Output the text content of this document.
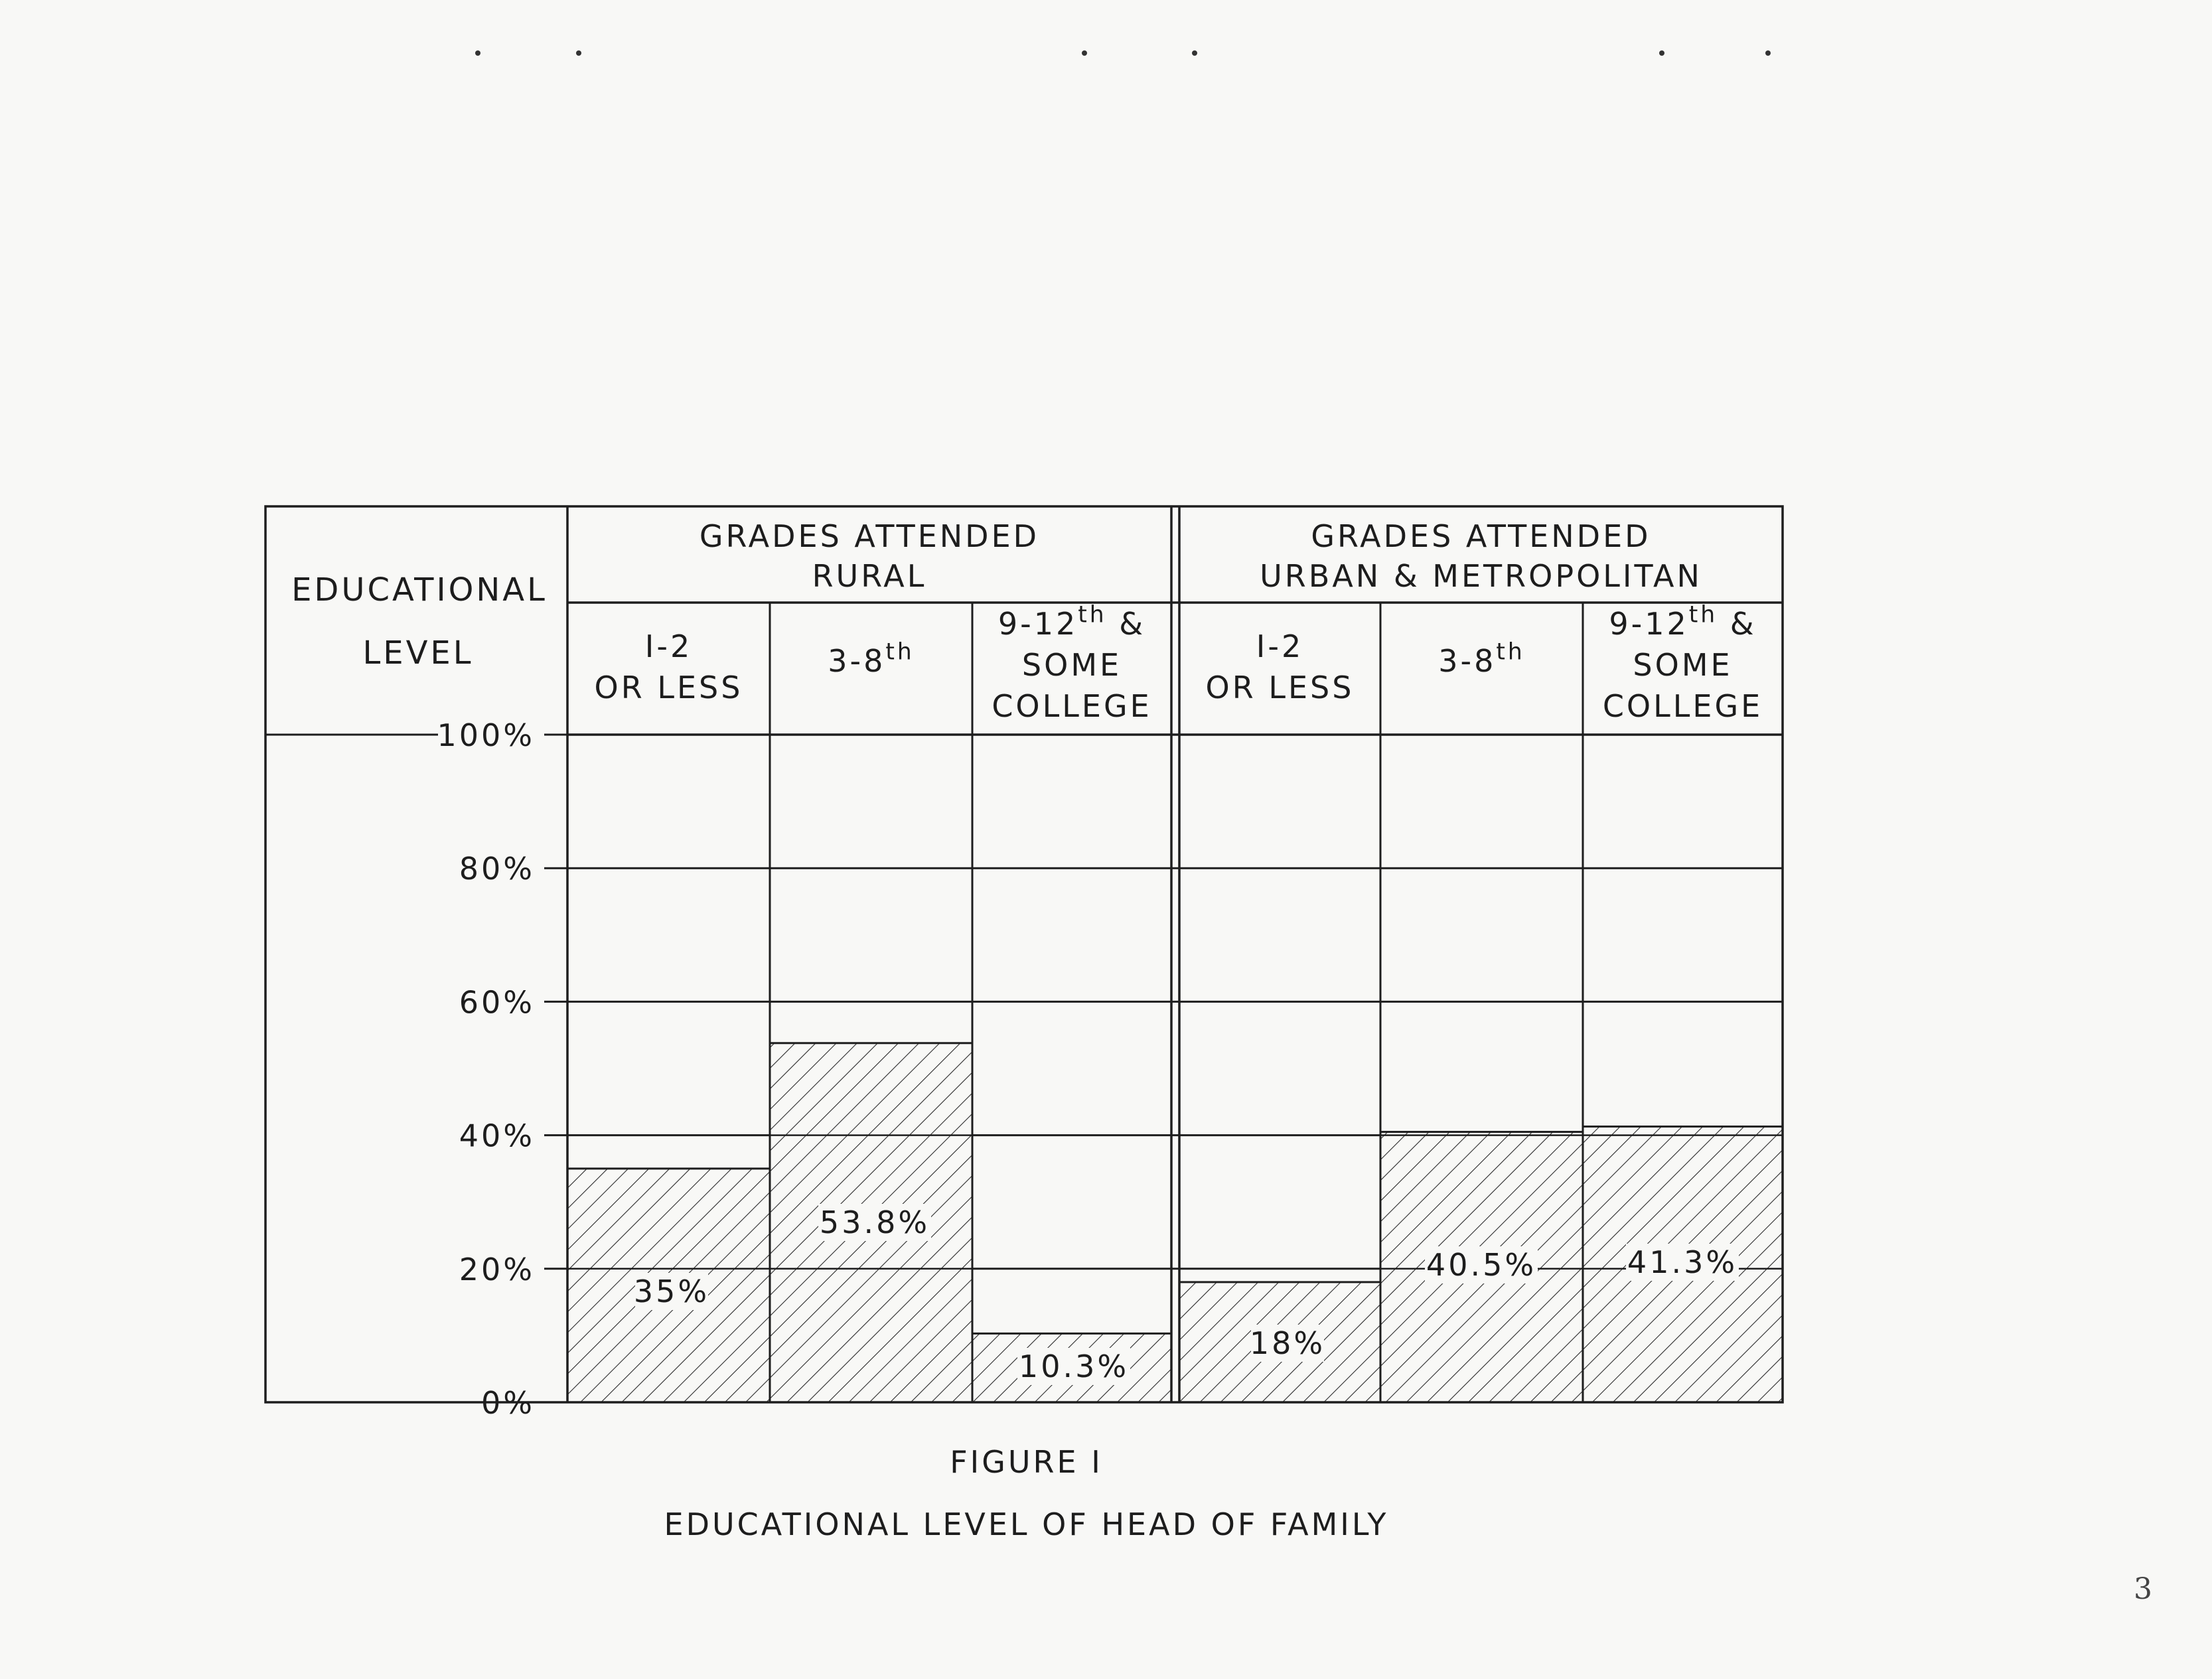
0%
20%
40%
60%
80%
100%
35%
53.8%
10.3%
18%
40.5%	41.3%
EDUCATIONAL
LEVEL
GRADES ATTENDED
RURAL
I-2
OR LESS
3-8th
9-12th &
SOME
COLLEGE
GRADES ATTENDED
URBAN & METROPOLITAN
I-2
OR LESS
3-8th
9-12th &
SOME
COLLEGE
FIGURE I
EDUCATIONAL LEVEL OF HEAD OF FAMILY
3
